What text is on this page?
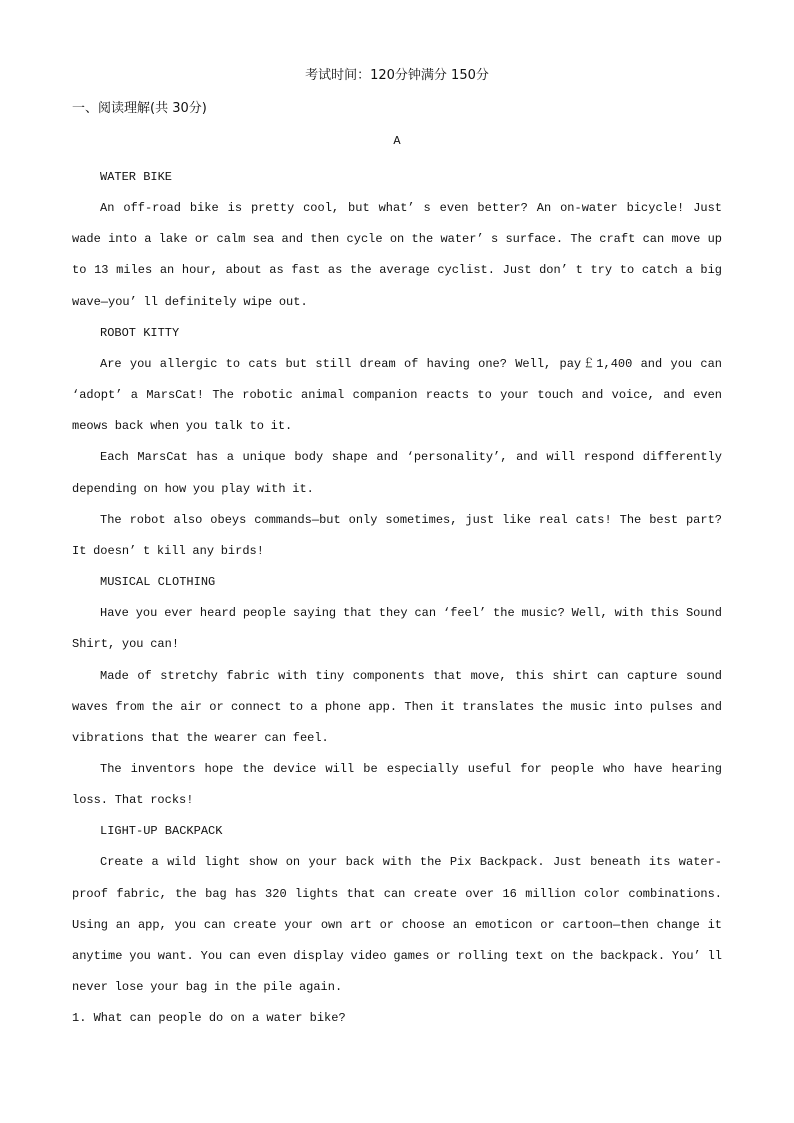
考试时间：120分钟满分 150分
一、阅读理解(共 30分)
A

WATER BIKE

An off-road bike is pretty cool, but what’ s even better? An on-water bicycle! Just wade into a lake or calm sea and then cycle on the water’ s surface. The craft can move up to 13 miles an hour, about as fast as the average cyclist. Just don’ t try to catch a big wave—you’ ll definitely wipe out.

ROBOT KITTY

Are you allergic to cats but still dream of having one? Well, pay￡1,400 and you can ‘adopt’ a MarsCat! The robotic animal companion reacts to your touch and voice, and even meows back when you talk to it.

Each MarsCat has a unique body shape and ‘personality’, and will respond differently depending on how you play with it.

The robot also obeys commands—but only sometimes, just like real cats! The best part? It doesn’ t kill any birds!

MUSICAL CLOTHING

Have you ever heard people saying that they can ‘feel’ the music? Well, with this Sound Shirt, you can!

Made of stretchy fabric with tiny components that move, this shirt can capture sound waves from the air or connect to a phone app. Then it translates the music into pulses and vibrations that the wearer can feel.

The inventors hope the device will be especially useful for people who have hearing loss. That rocks!

LIGHT-UP BACKPACK

Create a wild light show on your back with the Pix Backpack. Just beneath its water-proof fabric, the bag has 320 lights that can create over 16 million color combinations. Using an app, you can create your own art or choose an emoticon or cartoon—then change it anytime you want. You can even display video games or rolling text on the backpack. You’ ll never lose your bag in the pile again.

1. What can people do on a water bike?
